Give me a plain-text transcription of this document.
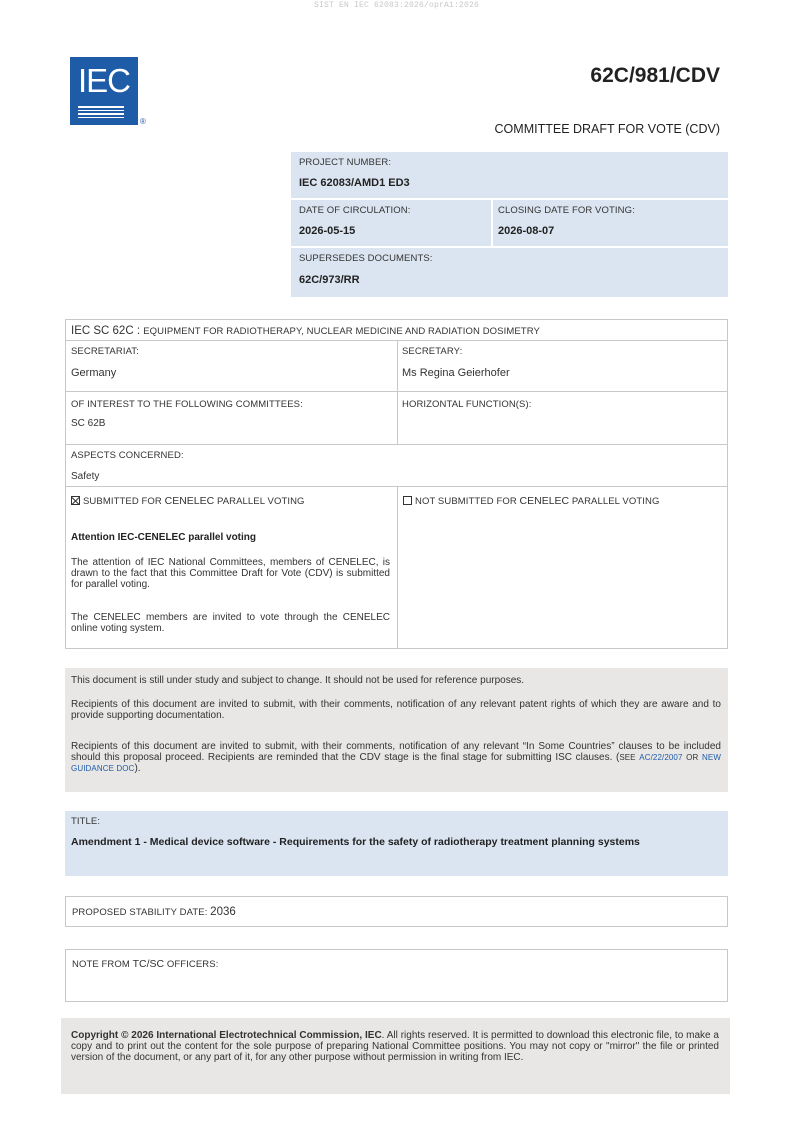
SIST EN IEC 62083:2026/oprA1:2026
IEC
®
62C/981/CDV
COMMITTEE DRAFT FOR VOTE (CDV)
PROJECT NUMBER:
IEC 62083/AMD1 ED3
DATE OF CIRCULATION:
2026-05-15
CLOSING DATE FOR VOTING:
2026-08-07
SUPERSEDES DOCUMENTS:
62C/973/RR
IEC SC 62C : EQUIPMENT FOR RADIOTHERAPY, NUCLEAR MEDICINE AND RADIATION DOSIMETRY
SECRETARIAT:
Germany
SECRETARY:
Ms Regina Geierhofer
OF INTEREST TO THE FOLLOWING COMMITTEES:
SC 62B
HORIZONTAL FUNCTION(S):
ASPECTS CONCERNED:
Safety
SUBMITTED FOR CENELEC PARALLEL VOTING	NOT SUBMITTED FOR CENELEC PARALLEL VOTING
Attention IEC-CENELEC parallel voting
The attention of IEC National Committees, members of CENELEC, is drawn to the fact that this Committee Draft for Vote (CDV) is submitted for parallel voting.
The CENELEC members are invited to vote through the CENELEC online voting system.
This document is still under study and subject to change. It should not be used for reference purposes.
Recipients of this document are invited to submit, with their comments, notification of any relevant patent rights of which they are aware and to provide supporting documentation.
Recipients of this document are invited to submit, with their comments, notification of any relevant “In Some Countries” clauses to be included should this proposal proceed. Recipients are reminded that the CDV stage is the final stage for submitting ISC clauses. (SEE AC/22/2007 OR NEW GUIDANCE DOC).
TITLE:
Amendment 1 - Medical device software - Requirements for the safety of radiotherapy treatment planning systems
PROPOSED STABILITY DATE: 2036
NOTE FROM TC/SC OFFICERS:
Copyright © 2026 International Electrotechnical Commission, IEC. All rights reserved. It is permitted to download this electronic file, to make a copy and to print out the content for the sole purpose of preparing National Committee positions. You may not copy or "mirror" the file or printed version of the document, or any part of it, for any other purpose without permission in writing from IEC.
